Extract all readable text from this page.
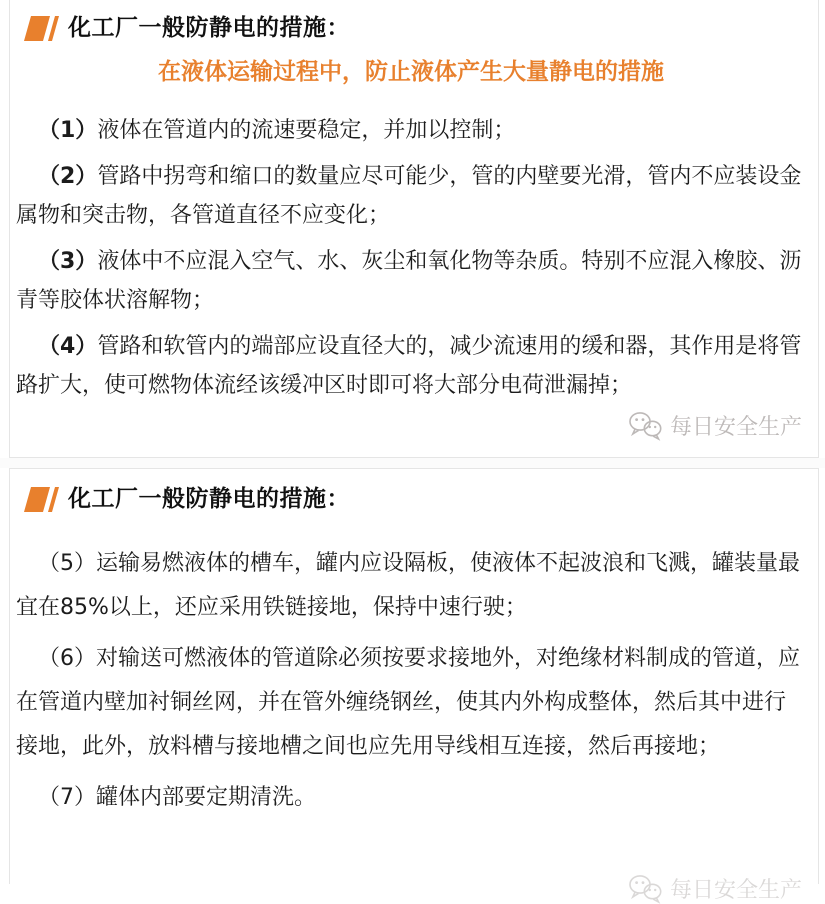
化工厂一般防静电的措施：
在液体运输过程中，防止液体产生大量静电的措施

（1）液体在管道内的流速要稳定，并加以控制；

（2）管路中拐弯和缩口的数量应尽可能少，管的内壁要光滑，管内不应装设金属物和突击物，各管道直径不应变化；

（3）液体中不应混入空气、水、灰尘和氧化物等杂质。特别不应混入橡胶、沥青等胶体状溶解物；

（4）管路和软管内的端部应设直径大的，减少流速用的缓和器，其作用是将管路扩大，使可燃物体流经该缓冲区时即可将大部分电荷泄漏掉；

每日安全生产
化工厂一般防静电的措施：

（5）运输易燃液体的槽车，罐内应设隔板，使液体不起波浪和飞溅，罐装量最宜在85%以上，还应采用铁链接地，保持中速行驶；

（6）对输送可燃液体的管道除必须按要求接地外，对绝缘材料制成的管道，应在管道内壁加衬铜丝网，并在管外缠绕钢丝，使其内外构成整体，然后其中进行接地，此外，放料槽与接地槽之间也应先用导线相互连接，然后再接地；

（7）罐体内部要定期清洗。

每日安全生产
